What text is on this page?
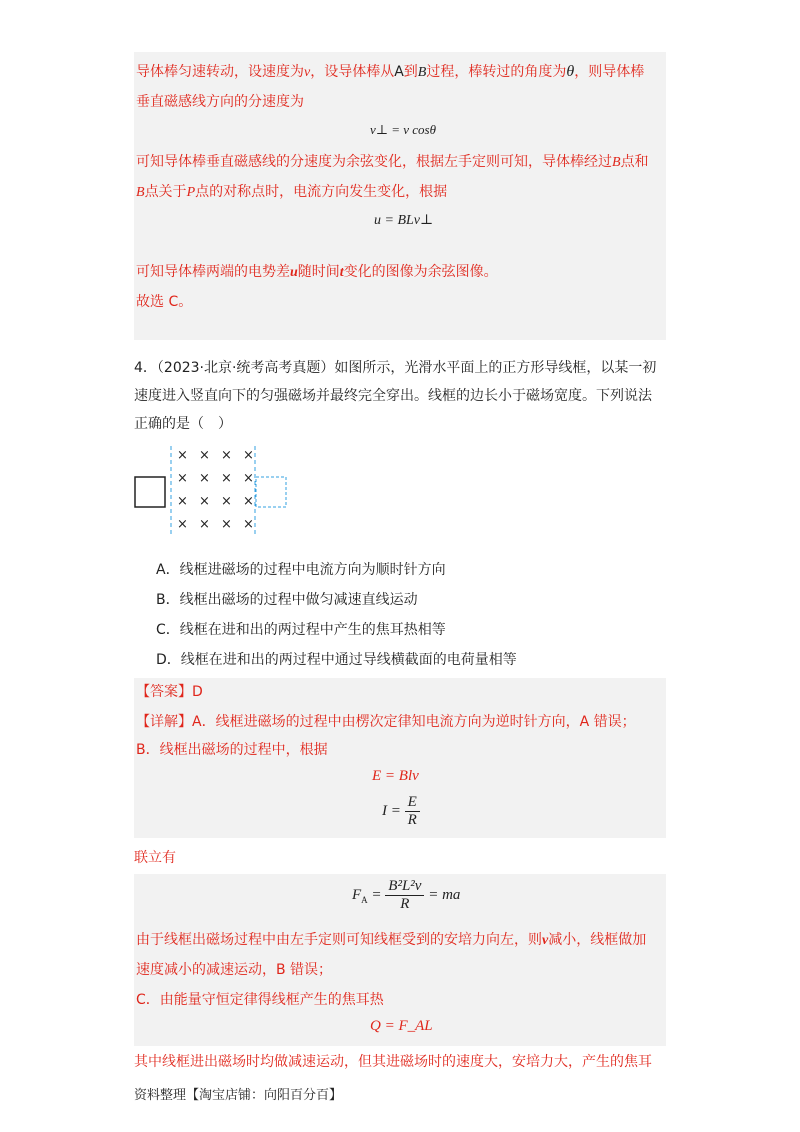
导体棒匀速转动，设速度为v，设导体棒从A到B过程，棒转过的角度为θ，则导体棒
垂直磁感线方向的分速度为
v⊥ = v cosθ
可知导体棒垂直磁感线的分速度为余弦变化，根据左手定则可知，导体棒经过B点和
B点关于P点的对称点时，电流方向发生变化，根据
u = BLv⊥
可知导体棒两端的电势差u随时间t变化的图像为余弦图像。
故选 C。
4．（2023·北京·统考高考真题）如图所示，光滑水平面上的正方形导线框，以某一初
速度进入竖直向下的匀强磁场并最终完全穿出。线框的边长小于磁场宽度。下列说法
正确的是（　）
× × × ×
× × × ×
× × × ×
× × × ×
A．线框进磁场的过程中电流方向为顺时针方向
B．线框出磁场的过程中做匀减速直线运动
C．线框在进和出的两过程中产生的焦耳热相等
D．线框在进和出的两过程中通过导线横截面的电荷量相等
【答案】D
【详解】A．线框进磁场的过程中由楞次定律知电流方向为逆时针方向，A 错误；
B．线框出磁场的过程中，根据
E = Blv
$I = \frac{E}{R}$
联立有
$F_A = \frac{\text{B²L²v}}{R}$ = ma
由于线框出磁场过程中由左手定则可知线框受到的安培力向左，则v减小，线框做加
速度减小的减速运动，B 错误；
C．由能量守恒定律得线框产生的焦耳热
Q = F_AL
其中线框进出磁场时均做减速运动，但其进磁场时的速度大，安培力大，产生的焦耳
资料整理【淘宝店铺：向阳百分百】
